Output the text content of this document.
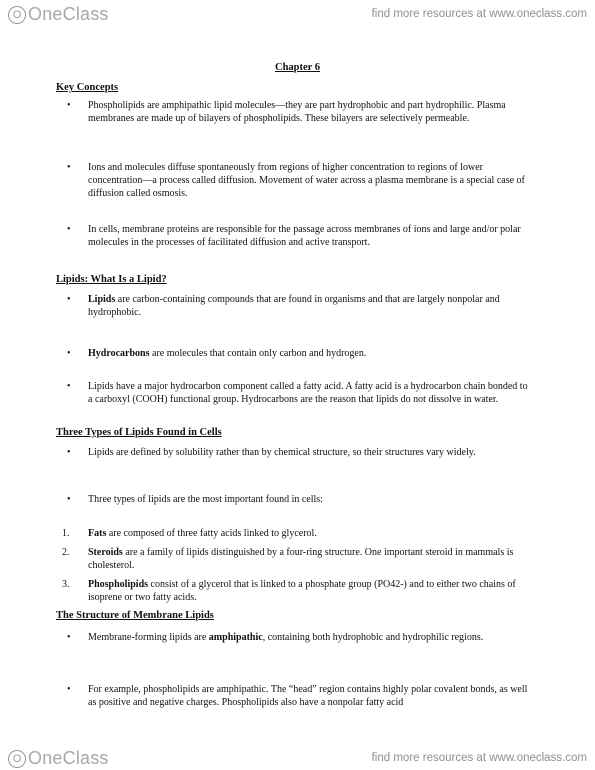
O OneClass	find more resources at www.oneclass.com
Chapter 6
Key Concepts
• Phospholipids are amphipathic lipid molecules—they are part hydrophobic and part hydrophilic. Plasma membranes are made up of bilayers of phospholipids. These bilayers are selectively permeable.
• Ions and molecules diffuse spontaneously from regions of higher concentration to regions of lower concentration—a process called diffusion. Movement of water across a plasma membrane is a special case of diffusion called osmosis.
• In cells, membrane proteins are responsible for the passage across membranes of ions and large and/or polar molecules in the processes of facilitated diffusion and active transport.
Lipids: What Is a Lipid?
• Lipids are carbon-containing compounds that are found in organisms and that are largely nonpolar and hydrophobic.
• Hydrocarbons are molecules that contain only carbon and hydrogen.
• Lipids have a major hydrocarbon component called a fatty acid. A fatty acid is a hydrocarbon chain bonded to a carboxyl (COOH) functional group. Hydrocarbons are the reason that lipids do not dissolve in water.
Three Types of Lipids Found in Cells
• Lipids are defined by solubility rather than by chemical structure, so their structures vary widely.
• Three types of lipids are the most important found in cells:
1. Fats are composed of three fatty acids linked to glycerol.
2. Steroids are a family of lipids distinguished by a four-ring structure. One important steroid in mammals is cholesterol.
3. Phospholipids consist of a glycerol that is linked to a phosphate group (PO42-) and to either two chains of isoprene or two fatty acids.
The Structure of Membrane Lipids
• Membrane-forming lipids are amphipathic, containing both hydrophobic and hydrophilic regions.
• For example, phospholipids are amphipathic. The “head” region contains highly polar covalent bonds, as well as positive and negative charges. Phospholipids also have a nonpolar fatty acid
O OneClass	find more resources at www.oneclass.com
